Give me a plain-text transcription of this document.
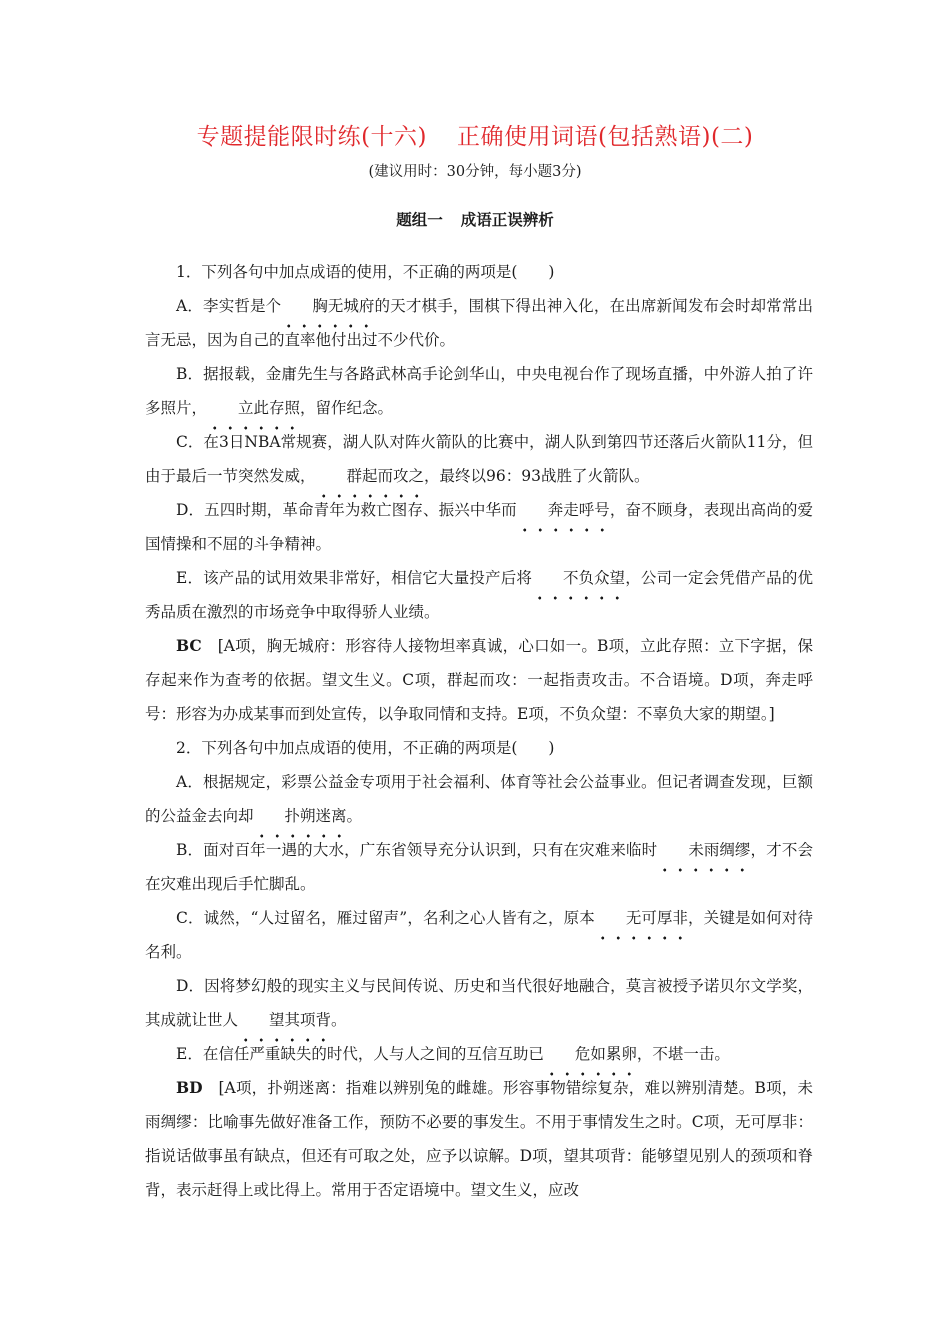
专题提能限时练(十六) 正确使用词语(包括熟语)(二)
(建议用时：30分钟，每小题3分)
题组一 成语正误辨析

1．下列各句中加点成语的使用，不正确的两项是(　　)

A．李实哲是个 胸无城府的天才棋手，围棋下得出神入化，在出席新闻发布会时却常常出言无忌，因为自己的直率他付出过不少代价。

B．据报载，金庸先生与各路武林高手论剑华山，中央电视台作了现场直播，中外游人拍了许多照片， 立此存照，留作纪念。

C．在3日NBA常规赛，湖人队对阵火箭队的比赛中，湖人队到第四节还落后火箭队11分，但由于最后一节突然发威， 群起而攻之，最终以96：93战胜了火箭队。

D．五四时期，革命青年为救亡图存、振兴中华而 奔走呼号，奋不顾身，表现出高尚的爱国情操和不屈的斗争精神。

E．该产品的试用效果非常好，相信它大量投产后将 不负众望，公司一定会凭借产品的优秀品质在激烈的市场竞争中取得骄人业绩。

BC　 [A项，胸无城府：形容待人接物坦率真诚，心口如一。B项，立此存照：立下字据，保存起来作为查考的依据。望文生义。C项，群起而攻：一起指责攻击。不合语境。D项，奔走呼号：形容为办成某事而到处宣传，以争取同情和支持。E项，不负众望：不辜负大家的期望。]

2．下列各句中加点成语的使用，不正确的两项是(　　)

A．根据规定，彩票公益金专项用于社会福利、体育等社会公益事业。但记者调查发现，巨额的公益金去向却 扑朔迷离。

B．面对百年一遇的大水，广东省领导充分认识到，只有在灾难来临时 未雨绸缪，才不会在灾难出现后手忙脚乱。

C．诚然，“人过留名，雁过留声”，名利之心人皆有之，原本 无可厚非，关键是如何对待名利。

D．因将梦幻般的现实主义与民间传说、历史和当代很好地融合，莫言被授予诺贝尔文学奖，其成就让世人 望其项背。

E．在信任严重缺失的时代，人与人之间的互信互助已 危如累卵，不堪一击。

BD　 [A项，扑朔迷离：指难以辨别兔的雌雄。形容事物错综复杂，难以辨别清楚。B项，未雨绸缪：比喻事先做好准备工作，预防不必要的事发生。不用于事情发生之时。C项，无可厚非：指说话做事虽有缺点，但还有可取之处，应予以谅解。D项，望其项背：能够望见别人的颈项和脊背，表示赶得上或比得上。常用于否定语境中。望文生义，应改
